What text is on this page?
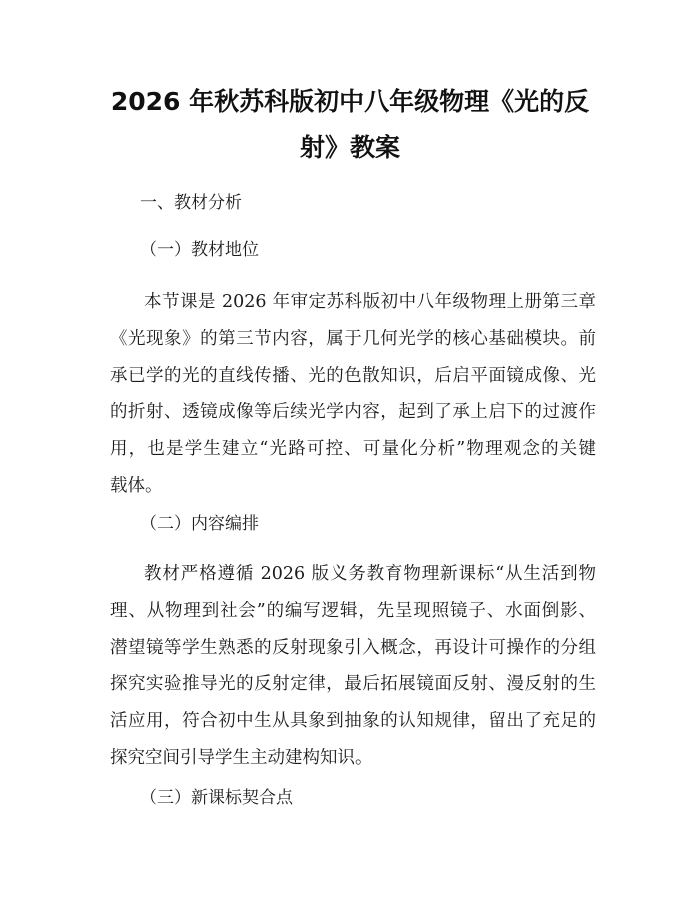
2026 年秋苏科版初中八年级物理《光的反
射》教案

一、教材分析

（一）教材地位

本节课是 2026 年审定苏科版初中八年级物理上册第三章
《光现象》的第三节内容，属于几何光学的核心基础模块。前
承已学的光的直线传播、光的色散知识，后启平面镜成像、光
的折射、透镜成像等后续光学内容，起到了承上启下的过渡作
用，也是学生建立“光路可控、可量化分析”物理观念的关键
载体。

（二）内容编排

教材严格遵循 2026 版义务教育物理新课标“从生活到物
理、从物理到社会”的编写逻辑，先呈现照镜子、水面倒影、
潜望镜等学生熟悉的反射现象引入概念，再设计可操作的分组
探究实验推导光的反射定律，最后拓展镜面反射、漫反射的生
活应用，符合初中生从具象到抽象的认知规律，留出了充足的
探究空间引导学生主动建构知识。

（三）新课标契合点
